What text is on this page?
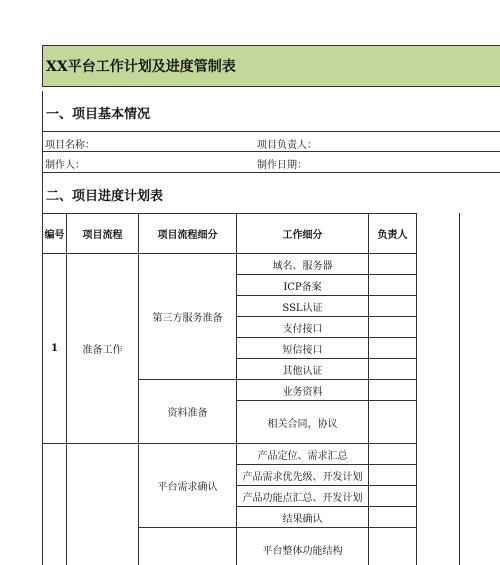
XX平台工作计划及进度管制表
一、项目基本情况
项目名称：	项目负责人：
制作人：	制作日期：
二、项目进度计划表
编号	项目流程	项目流程细分	工作细分	负责人
1	准备工作	第三方服务准备	域名、服务器	
			ICP备案	
			SSL认证	
			支付接口	
			短信接口	
			其他认证	
		资料准备	业务资料	
			相关合同，协议	

		平台需求确认	产品定位、需求汇总	
			产品需求优先级、开发计划	
			产品功能点汇总、开发计划	
			结果确认	
			平台整体功能结构	
